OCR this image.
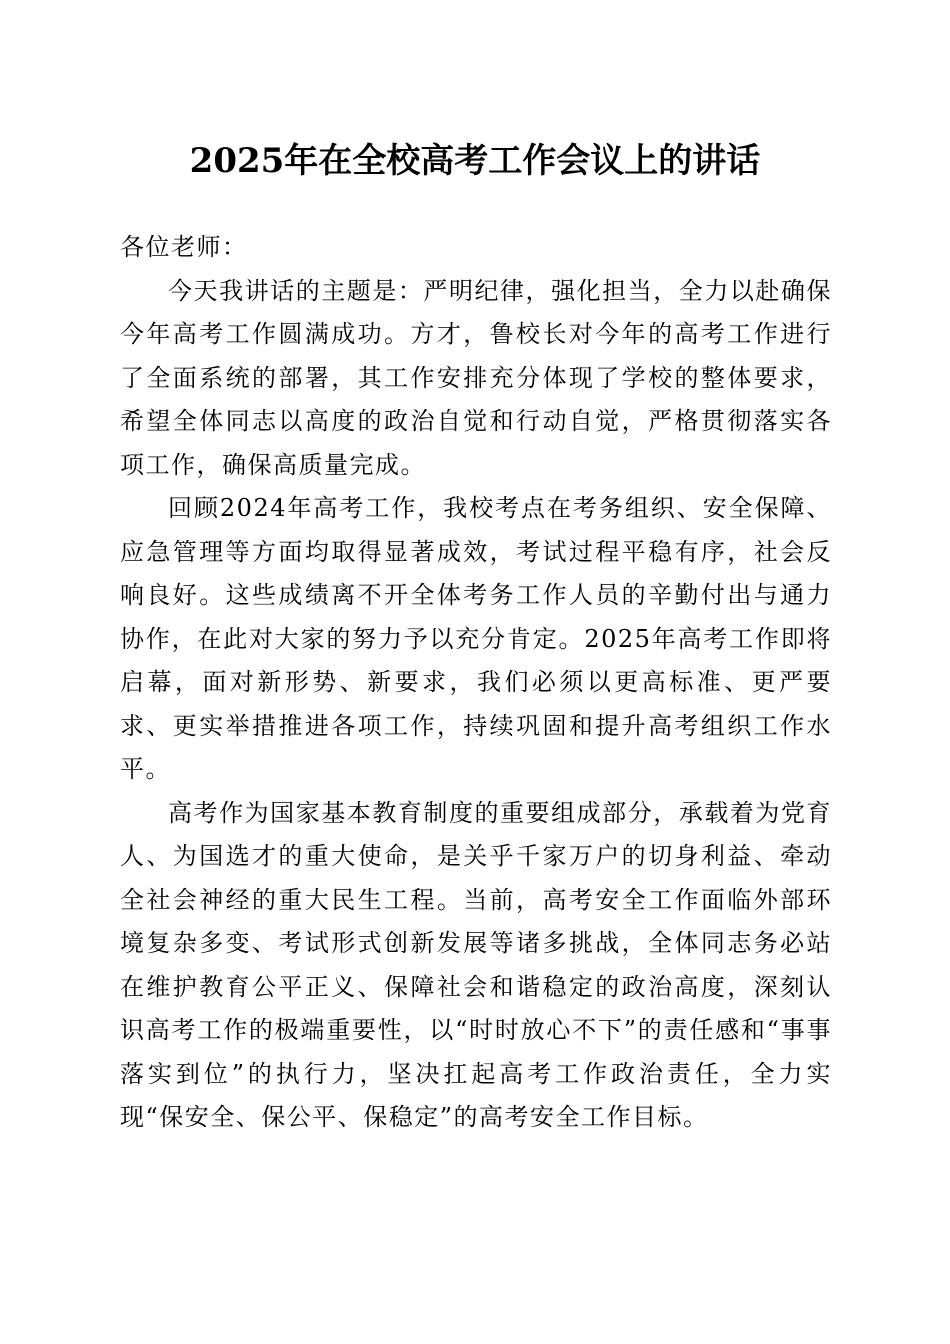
2025年在全校高考工作会议上的讲话

各位老师：

今天我讲话的主题是：严明纪律，强化担当，全力以赴确保今年高考工作圆满成功。方才，鲁校长对今年的高考工作进行了全面系统的部署，其工作安排充分体现了学校的整体要求，希望全体同志以高度的政治自觉和行动自觉，严格贯彻落实各项工作，确保高质量完成。

回顾2024年高考工作，我校考点在考务组织、安全保障、应急管理等方面均取得显著成效，考试过程平稳有序，社会反响良好。这些成绩离不开全体考务工作人员的辛勤付出与通力协作，在此对大家的努力予以充分肯定。2025年高考工作即将启幕，面对新形势、新要求，我们必须以更高标准、更严要求、更实举措推进各项工作，持续巩固和提升高考组织工作水平。

高考作为国家基本教育制度的重要组成部分，承载着为党育人、为国选才的重大使命，是关乎千家万户的切身利益、牵动全社会神经的重大民生工程。当前，高考安全工作面临外部环境复杂多变、考试形式创新发展等诸多挑战，全体同志务必站在维护教育公平正义、保障社会和谐稳定的政治高度，深刻认识高考工作的极端重要性，以“时时放心不下”的责任感和“事事落实到位”的执行力，坚决扛起高考工作政治责任，全力实现“保安全、保公平、保稳定”的高考安全工作目标。
